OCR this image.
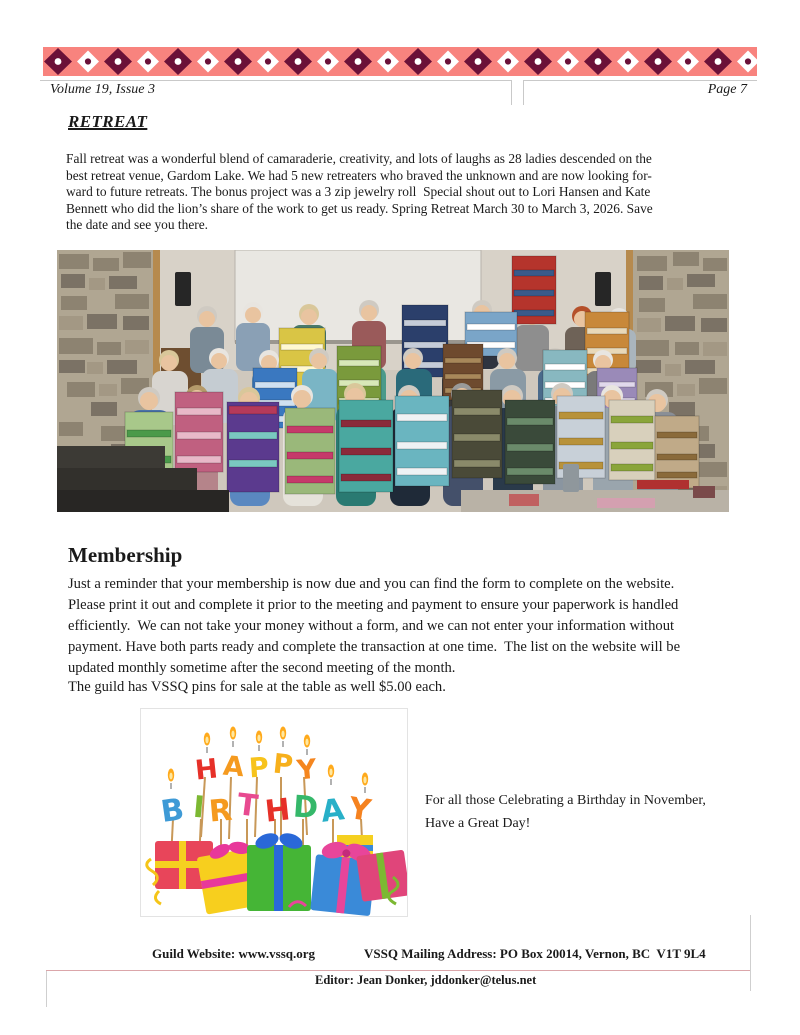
Volume 19, Issue 3	Page 7
RETREAT
Fall retreat was a wonderful blend of camaraderie, creativity, and lots of laughs as 28 ladies descended on the
best retreat venue, Gardom Lake. We had 5 new retreaters who braved the unknown and are now looking for-
ward to future retreats. The bonus project was a 3 zip jewelry roll  Special shout out to Lori Hansen and Kate
Bennett who did the lion’s share of the work to get us ready. Spring Retreat March 30 to March 3, 2026. Save
the date and see you there.
Membership
Just a reminder that your membership is now due and you can find the form to complete on the website.
Please print it out and complete it prior to the meeting and payment to ensure your paperwork is handled
efficiently.  We can not take your money without a form, and we can not enter your information without
payment. Have both parts ready and complete the transaction at one time.  The list on the website will be
updated monthly sometime after the second meeting of the month.
The guild has VSSQ pins for sale at the table as well $5.00 each.
H A P P Y
B I R T H D A Y	For all those Celebrating a Birthday in November,
Have a Great Day!
Guild Website: www.vssq.org	VSSQ Mailing Address: PO Box 20014, Vernon, BC  V1T 9L4
Editor: Jean Donker, jddonker@telus.net
